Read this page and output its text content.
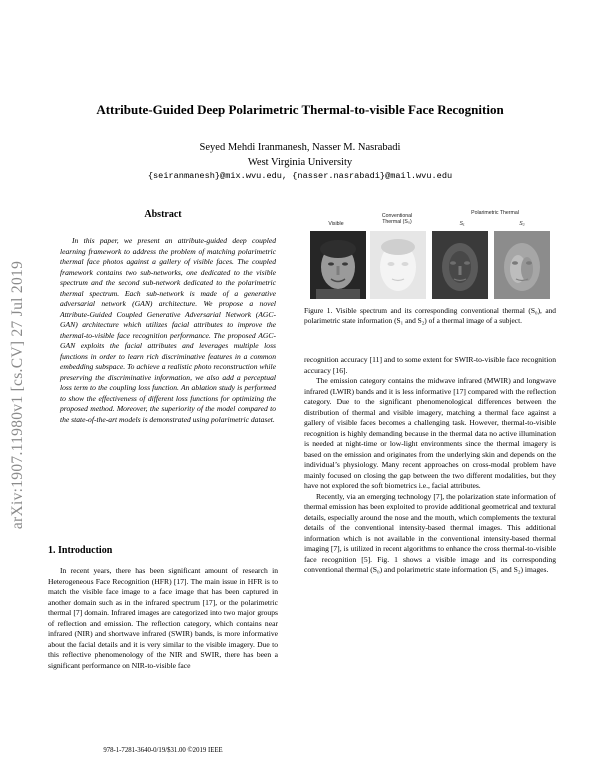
arXiv:1907.11980v1 [cs.CV] 27 Jul 2019
Attribute-Guided Deep Polarimetric Thermal-to-visible Face Recognition
Seyed Mehdi Iranmanesh, Nasser M. Nasrabadi
West Virginia University
{seiranmanesh}@mix.wvu.edu, {nasser.nasrabadi}@mail.wvu.edu
Abstract

In this paper, we present an attribute-guided deep coupled learning framework to address the problem of matching polarimetric thermal face photos against a gallery of visible faces. The coupled framework contains two sub-networks, one dedicated to the visible spectrum and the second sub-network dedicated to the polarimetric thermal spectrum. Each sub-network is made of a generative adversarial network (GAN) architecture. We propose a novel Attribute-Guided Coupled Generative Adversarial Network (AGC-GAN) architecture which utilizes facial attributes to improve the thermal-to-visible face recognition performance. The proposed AGC-GAN exploits the facial attributes and leverages multiple loss functions in order to learn rich discriminative features in a common embedding subspace. To achieve a realistic photo reconstruction while preserving the discriminative information, we also add a perceptual loss term to the coupling loss function. An ablation study is performed to show the effectiveness of different loss functions for optimizing the proposed method. Moreover, the superiority of the model compared to the state-of-the-art models is demonstrated using polarimetric dataset.

1. Introduction

In recent years, there has been significant amount of research in Heterogeneous Face Recognition (HFR) [17]. The main issue in HFR is to match the visible face image to a face image that has been captured in another domain such as in the infrared spectrum [17], or the polarimetric thermal [7] domain. Infrared images are categorized into two major groups of reflection and emission. The reflection category, which contains near infrared (NIR) and shortwave infrared (SWIR) bands, is more informative about the facial details and it is very similar to the visible imagery. Due to this reflective phenomenology of the NIR and SWIR, there has been a significant performance on NIR-to-visible face

978-1-7281-3640-0/19/$31.00 ©2019 IEEE
Visible
Conventional
Thermal (S₀)
Polarimetric Thermal
S₁	S₂
Figure 1. Visible spectrum and its corresponding conventional thermal (S₀), and polarimetric state information (S₁ and S₂) of a thermal image of a subject.

recognition accuracy [11] and to some extent for SWIR-to-visible face recognition accuracy [16].

The emission category contains the midwave infrared (MWIR) and longwave infrared (LWIR) bands and it is less informative [17] compared with the reflection category. Due to the significant phenomenological differences between the distribution of thermal and visible imagery, matching a thermal face against a gallery of visible faces becomes a challenging task. However, thermal-to-visible recognition is highly demanding because in the thermal data no active illumination is needed at night-time or low-light environments since the thermal imagery is based on the emission and originates from the underlying skin and depends on the individual’s physiology. Many recent approaches on cross-modal problem have mainly focused on closing the gap between the two different modalities, but they have not explored the soft biometrics i.e., facial attributes.

Recently, via an emerging technology [7], the polarization state information of thermal emission has been exploited to provide additional geometrical and textural details, especially around the nose and the mouth, which complements the textural details of the conventional intensity-based thermal images. This additional information which is not available in the conventional intensity-based thermal imaging [7], is utilized in recent algorithms to enhance the cross thermal-to-visible face recognition [5]. Fig. 1 shows a visible image and its corresponding conventional thermal (S₀) and polarimetric state information (S₁ and S₂) images.
